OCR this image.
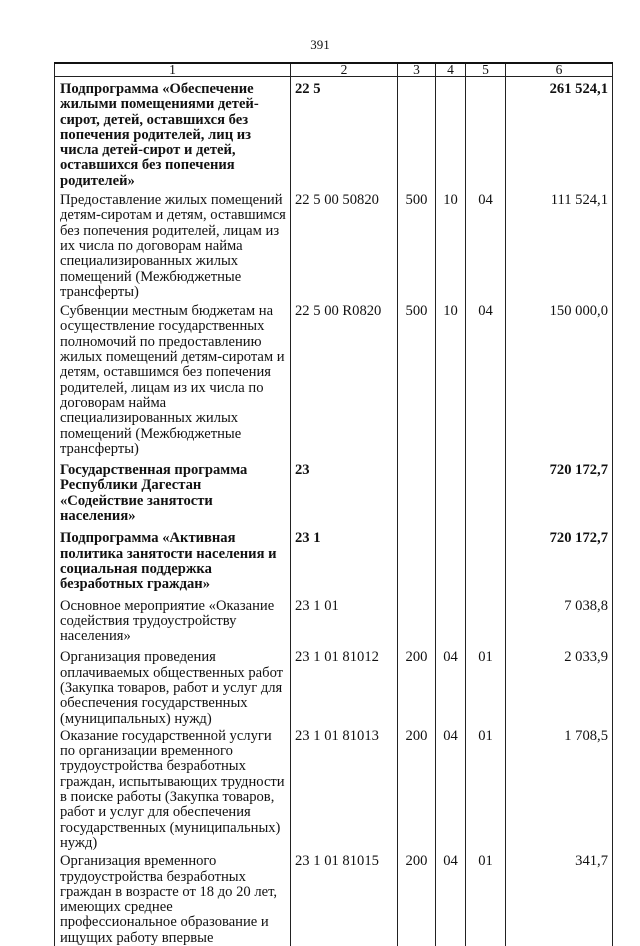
391
1	2	3	4	5	6
Подпрограмма «Обеспечение жилыми помещениями детей-сирот, детей, оставшихся без попечения родителей, лиц из числа детей-сирот и детей, оставшихся без попечения родителей»	22 5				261 524,1
Предоставление жилых помещений детям-сиротам и детям, оставшимся без попечения родителей, лицам из их числа по договорам найма специализированных жилых помещений (Межбюджетные трансферты)	22 5 00 50820	500	10	04	111 524,1
Субвенции местным бюджетам на осуществление государственных полномочий по предоставлению жилых помещений детям-сиротам и детям, оставшимся без попечения родителей, лицам из их числа по договорам найма специализированных жилых помещений (Межбюджетные трансферты)	22 5 00 R0820	500	10	04	150 000,0
Государственная программа Республики Дагестан «Содействие занятости населения»	23				720 172,7
Подпрограмма «Активная политика занятости населения и социальная поддержка безработных граждан»	23 1				720 172,7
Основное мероприятие «Оказание содействия трудоустройству населения»	23 1 01				7 038,8
Организация проведения оплачиваемых общественных работ (Закупка товаров, работ и услуг для обеспечения государственных (муниципальных) нужд)	23 1 01 81012	200	04	01	2 033,9
Оказание государственной услуги по организации временного трудоустройства безработных граждан, испытывающих трудности в поиске работы (Закупка товаров, работ и услуг для обеспечения государственных (муниципальных) нужд)	23 1 01 81013	200	04	01	1 708,5
Организация временного трудоустройства безработных граждан в возрасте от 18 до 20 лет, имеющих среднее профессиональное образование и ищущих работу впервые	23 1 01 81015	200	04	01	341,7
